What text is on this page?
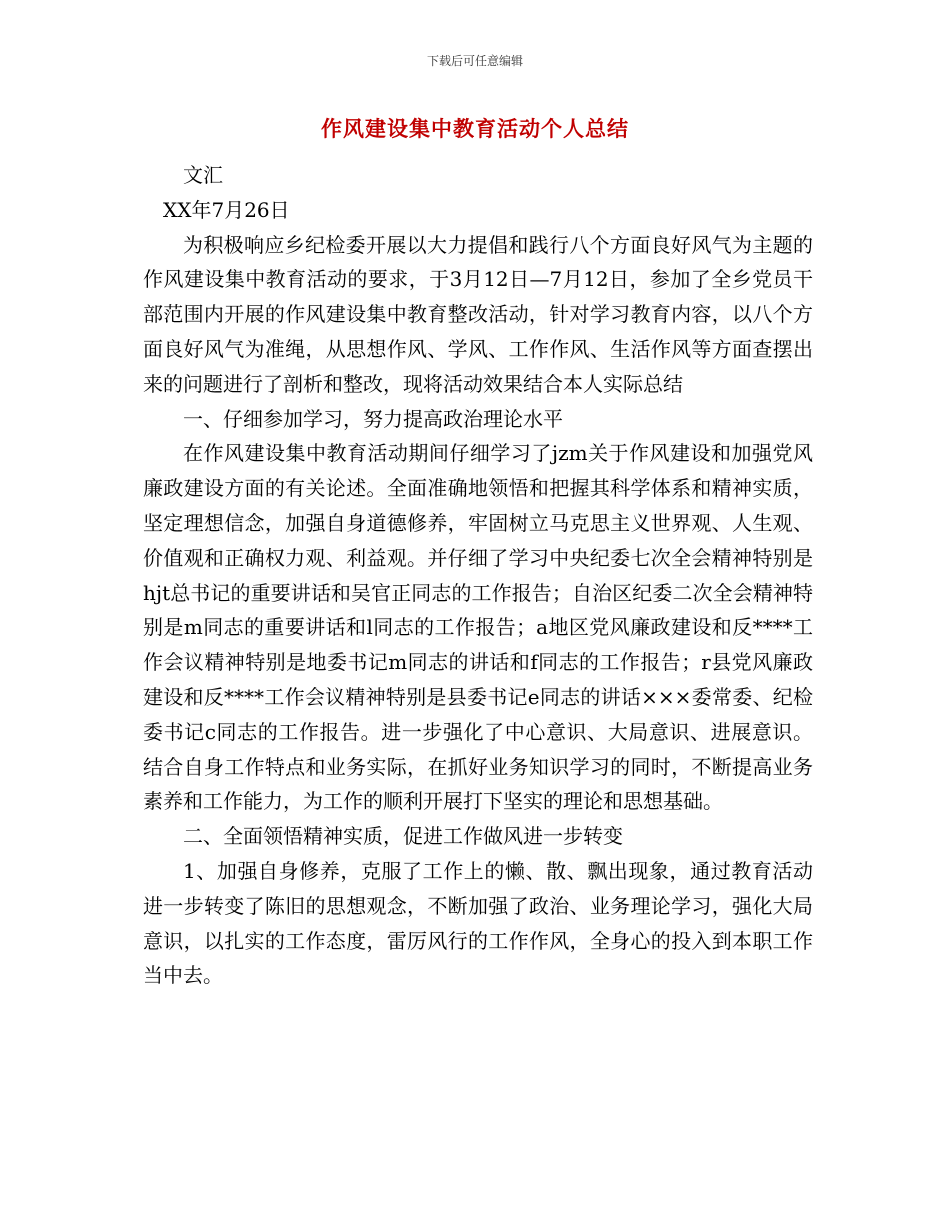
下载后可任意编辑
作风建设集中教育活动个人总结

文汇

XX年7月26日

为积极响应乡纪检委开展以大力提倡和践行八个方面良好风气为主题的作风建设集中教育活动的要求，于3月12日—7月12日，参加了全乡党员干部范围内开展的作风建设集中教育整改活动，针对学习教育内容，以八个方面良好风气为准绳，从思想作风、学风、工作作风、生活作风等方面查摆出来的问题进行了剖析和整改，现将活动效果结合本人实际总结

一、仔细参加学习，努力提高政治理论水平

在作风建设集中教育活动期间仔细学习了jzm关于作风建设和加强党风廉政建设方面的有关论述。全面准确地领悟和把握其科学体系和精神实质，坚定理想信念，加强自身道德修养，牢固树立马克思主义世界观、人生观、价值观和正确权力观、利益观。并仔细了学习中央纪委七次全会精神特别是hjt总书记的重要讲话和吴官正同志的工作报告；自治区纪委二次全会精神特别是m同志的重要讲话和l同志的工作报告；a地区党风廉政建设和反****工作会议精神特别是地委书记m同志的讲话和f同志的工作报告；r县党风廉政建设和反****工作会议精神特别是县委书记e同志的讲话×××委常委、纪检委书记c同志的工作报告。进一步强化了中心意识、大局意识、进展意识。结合自身工作特点和业务实际，在抓好业务知识学习的同时，不断提高业务素养和工作能力，为工作的顺利开展打下坚实的理论和思想基础。

二、全面领悟精神实质，促进工作做风进一步转变

1、加强自身修养，克服了工作上的懒、散、飘出现象，通过教育活动进一步转变了陈旧的思想观念，不断加强了政治、业务理论学习，强化大局意识，以扎实的工作态度，雷厉风行的工作作风，全身心的投入到本职工作当中去。
